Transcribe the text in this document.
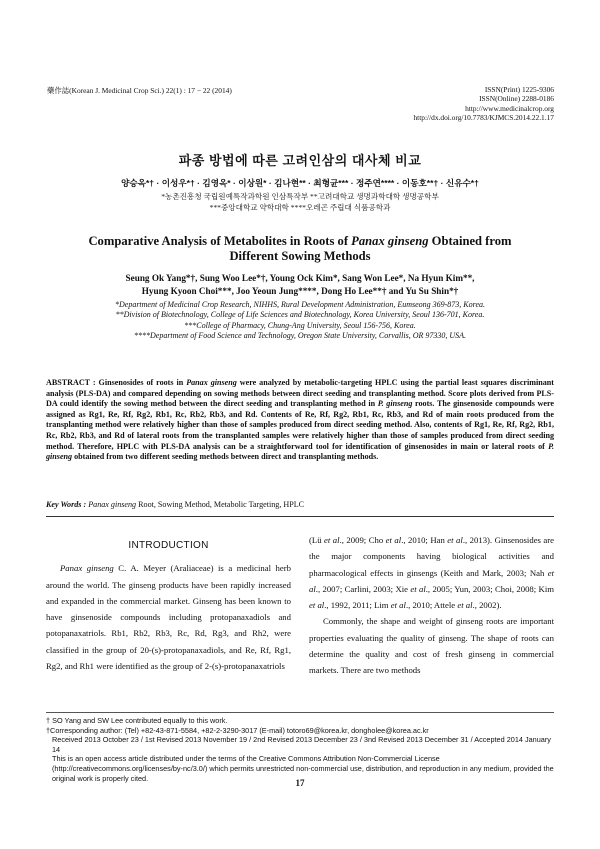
藥作誌(Korean J. Medicinal Crop Sci.) 22(1) : 17 − 22 (2014)	ISSN(Print) 1225-9306
ISSN(Online) 2288-0186
http://www.medicinalcrop.org
http://dx.doi.org/10.7783/KJMCS.2014.22.1.17
파종 방법에 따른 고려인삼의 대사체 비교
양승옥*† · 이성우*† · 김영옥* · 이상원* · 김나현** · 최형균*** · 정주연**** · 이동호**† · 신유수*†
*농촌진흥청 국립원예특작과학원 인삼특작부 **고려대학교 생명과학대학 생명공학부
***중앙대학교 약학대학 ****오레곤 주립대 식품공학과
Comparative Analysis of Metabolites in Roots of Panax ginseng Obtained from
Different Sowing Methods
Seung Ok Yang*†, Sung Woo Lee*†, Young Ock Kim*, Sang Won Lee*, Na Hyun Kim**,
Hyung Kyoon Choi***, Joo Yeoun Jung****, Dong Ho Lee**† and Yu Su Shin*†
*Department of Medicinal Crop Research, NIHHS, Rural Development Administration, Eumseong 369-873, Korea.
**Division of Biotechnology, College of Life Sciences and Biotechnology, Korea University, Seoul 136-701, Korea.
***College of Pharmacy, Chung-Ang University, Seoul 156-756, Korea.
****Department of Food Science and Technology, Oregon State University, Corvallis, OR 97330, USA.
ABSTRACT : Ginsenosides of roots in Panax ginseng were analyzed by metabolic-targeting HPLC using the partial least squares discriminant analysis (PLS-DA) and compared depending on sowing methods between direct seeding and transplanting method. Score plots derived from PLS-DA could identify the sowing method between the direct seeding and transplanting method in P. ginseng roots. The ginsenoside compounds were assigned as Rg1, Re, Rf, Rg2, Rb1, Rc, Rb2, Rb3, and Rd. Contents of Re, Rf, Rg2, Rb1, Rc, Rb3, and Rd of main roots produced from the transplanting method were relatively higher than those of samples produced from direct seeding method. Also, contents of Rg1, Re, Rf, Rg2, Rb1, Rc, Rb2, Rb3, and Rd of lateral roots from the transplanted samples were relatively higher than those of samples produced from direct seeding method. Therefore, HPLC with PLS-DA analysis can be a straightforward tool for identification of ginsenosides in main or lateral roots of P. ginseng obtained from two different seeding methods between direct and transplanting methods.
Key Words : Panax ginseng Root, Sowing Method, Metabolic Targeting, HPLC
INTRODUCTION

Panax ginseng C. A. Meyer (Araliaceae) is a medicinal herb around the world. The ginseng products have been rapidly increased and expanded in the commercial market. Ginseng has been known to have ginsenoside compounds including protopanaxadiols and potopanaxatriols. Rb1, Rb2, Rb3, Rc, Rd, Rg3, and Rh2, were classified in the group of 20-(s)-protopanaxadiols, and Re, Rf, Rg1, Rg2, and Rh1 were identified as the group of 2-(s)-protopanaxatriols

(Lü et al., 2009; Cho et al., 2010; Han et al., 2013). Ginsenosides are the major components having biological activities and pharmacological effects in ginsengs (Keith and Mark, 2003; Nah et al., 2007; Carlini, 2003; Xie et al., 2005; Yun, 2003; Choi, 2008; Kim et al., 1992, 2011; Lim et al., 2010; Attele et al., 2002).

Commonly, the shape and weight of ginseng roots are important properties evaluating the quality of ginseng. The shape of roots can determine the quality and cost of fresh ginseng in commercial markets. There are two methods

† SO Yang and SW Lee contributed equally to this work.
†Corresponding author: (Tel) +82-43-871-5584, +82-2-3290-3017 (E-mail) totoro69@korea.kr, dongholee@korea.ac.kr
Received 2013 October 23 / 1st Revised 2013 November 19 / 2nd Revised 2013 December 23 / 3nd Revised 2013 December 31 / Accepted 2014 January 14
This is an open access article distributed under the terms of the Creative Commons Attribution Non-Commercial License (http://creativecommons.org/licenses/by-nc/3.0/) which permits unrestricted non-commercial use, distribution, and reproduction in any medium, provided the original work is properly cited.	17
